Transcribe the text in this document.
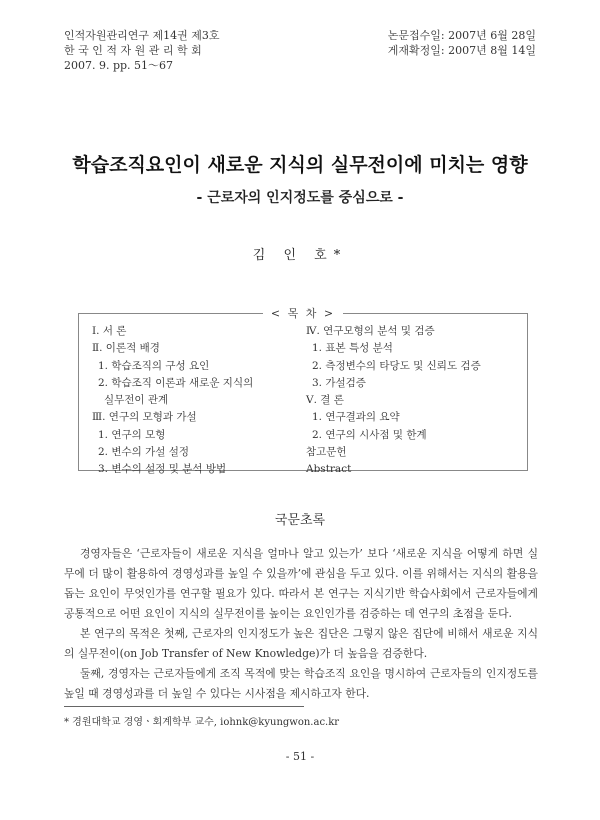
인적자원관리연구 제14권 제3호
한 국 인 적 자 원 관 리 학 회
2007. 9. pp. 51～67
논문접수일: 2007년 6월 28일
게재확정일: 2007년 8월 14일
학습조직요인이 새로운 지식의 실무전이에 미치는 영향
- 근로자의 인지정도를 중심으로 -
김 인 호*
< 목 차 >
Ⅰ. 서 론
Ⅱ. 이론적 배경
1. 학습조직의 구성 요인
2. 학습조직 이론과 새로운 지식의
실무전이 관계
Ⅲ. 연구의 모형과 가설
1. 연구의 모형
2. 변수의 가설 설정
3. 변수의 설정 및 분석 방법
Ⅳ. 연구모형의 분석 및 검증
1. 표본 특성 분석
2. 측정변수의 타당도 및 신뢰도 검증
3. 가설검증
Ⅴ. 결 론
1. 연구결과의 요약
2. 연구의 시사점 및 한계
참고문헌
Abstract
국문초록

경영자들은 ‘근로자들이 새로운 지식을 얼마나 알고 있는가’ 보다 ‘새로운 지식을 어떻게 하면 실무에 더 많이 활용하여 경영성과를 높일 수 있을까’에 관심을 두고 있다. 이를 위해서는 지식의 활용을 돕는 요인이 무엇인가를 연구할 필요가 있다. 따라서 본 연구는 지식기반 학습사회에서 근로자들에게 공통적으로 어떤 요인이 지식의 실무전이를 높이는 요인인가를 검증하는 데 연구의 초점을 둔다.

본 연구의 목적은 첫째, 근로자의 인지정도가 높은 집단은 그렇지 않은 집단에 비해서 새로운 지식의 실무전이(on Job Transfer of New Knowledge)가 더 높음을 검증한다.

둘째, 경영자는 근로자들에게 조직 목적에 맞는 학습조직 요인을 명시하여 근로자들의 인지정도를 높일 때 경영성과를 더 높일 수 있다는 시사점을 제시하고자 한다.

* 경원대학교 경영ㆍ회계학부 교수, iohnk@kyungwon.ac.kr
- 51 -
